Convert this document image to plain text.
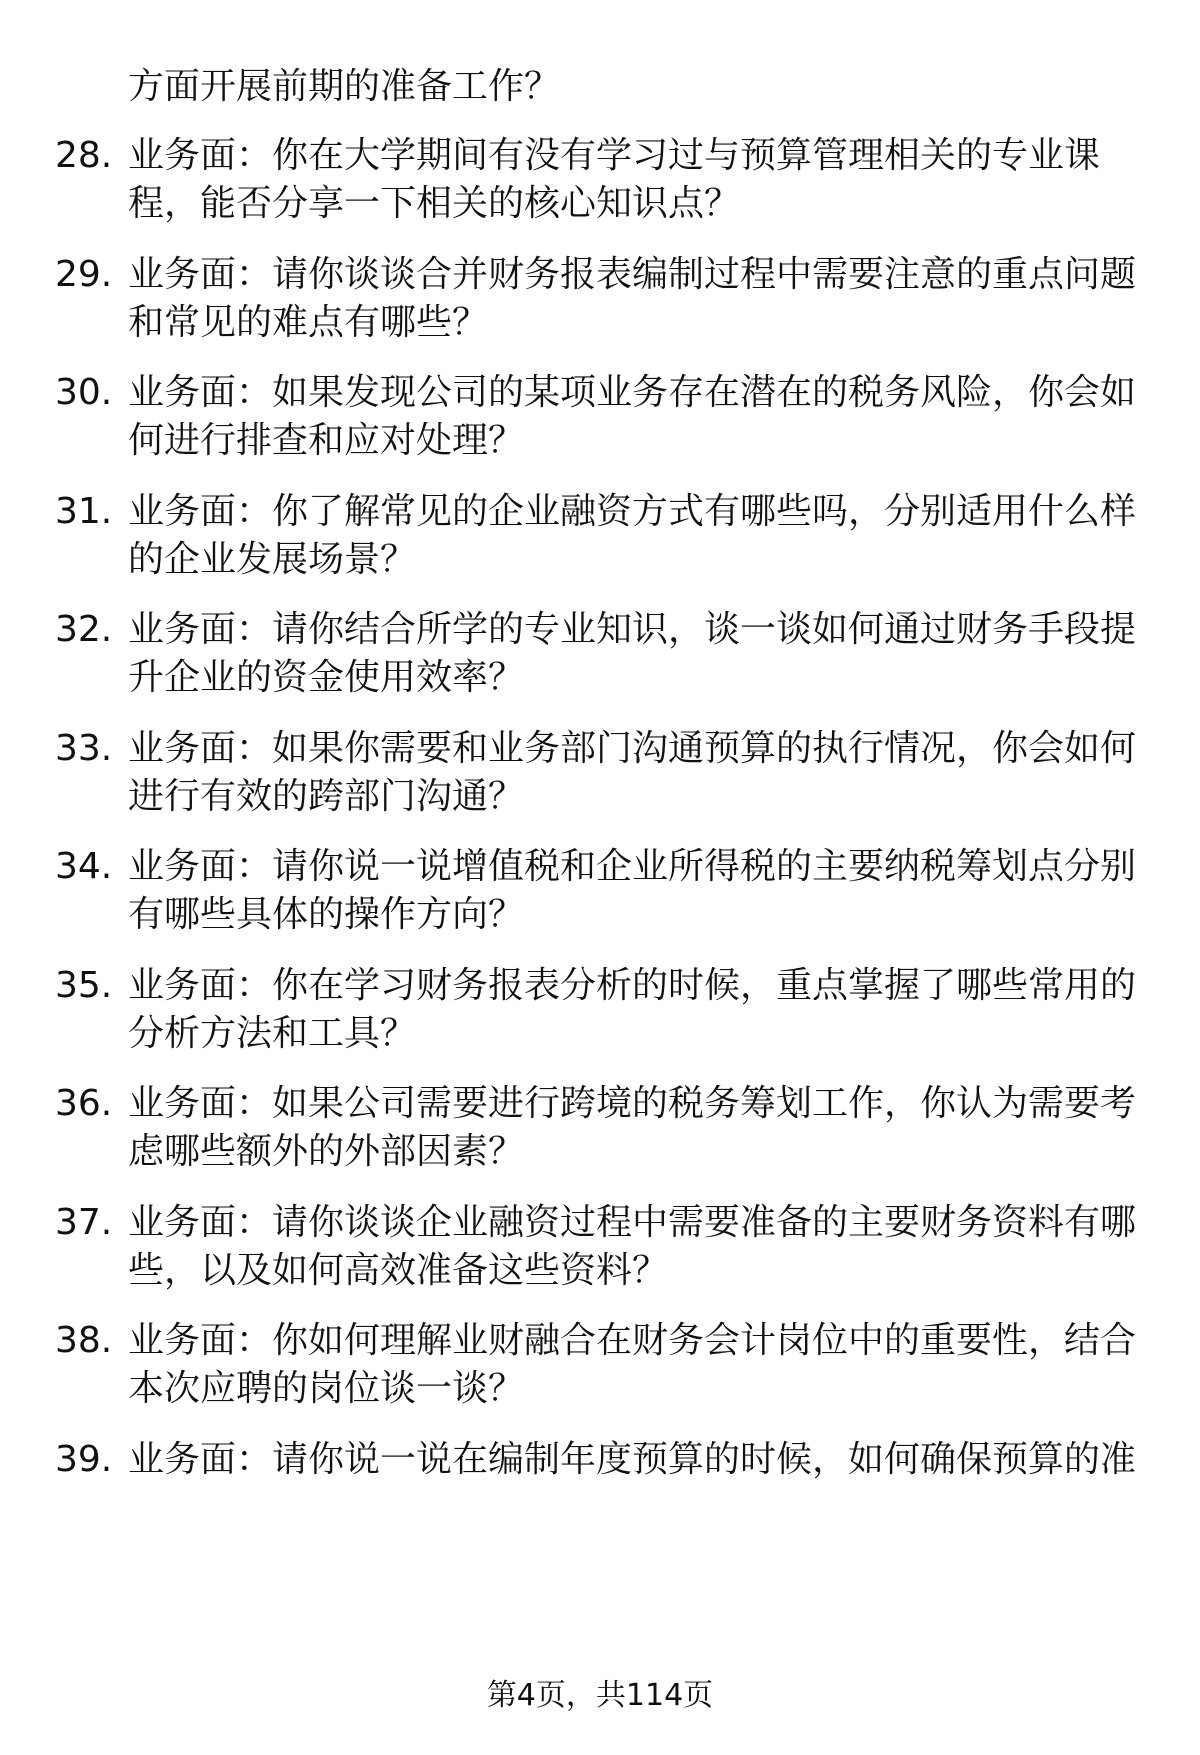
方面开展前期的准备工作？
28. 业务面：你在大学期间有没有学习过与预算管理相关的专业课程，能否分享一下相关的核心知识点？
29. 业务面：请你谈谈合并财务报表编制过程中需要注意的重点问题和常见的难点有哪些？
30. 业务面：如果发现公司的某项业务存在潜在的税务风险，你会如何进行排查和应对处理？
31. 业务面：你了解常见的企业融资方式有哪些吗，分别适用什么样的企业发展场景？
32. 业务面：请你结合所学的专业知识，谈一谈如何通过财务手段提升企业的资金使用效率？
33. 业务面：如果你需要和业务部门沟通预算的执行情况，你会如何进行有效的跨部门沟通？
34. 业务面：请你说一说增值税和企业所得税的主要纳税筹划点分别有哪些具体的操作方向？
35. 业务面：你在学习财务报表分析的时候，重点掌握了哪些常用的分析方法和工具？
36. 业务面：如果公司需要进行跨境的税务筹划工作，你认为需要考虑哪些额外的外部因素？
37. 业务面：请你谈谈企业融资过程中需要准备的主要财务资料有哪些，以及如何高效准备这些资料？
38. 业务面：你如何理解业财融合在财务会计岗位中的重要性，结合本次应聘的岗位谈一谈？
39. 业务面：请你说一说在编制年度预算的时候，如何确保预算的准
第4页，共114页
